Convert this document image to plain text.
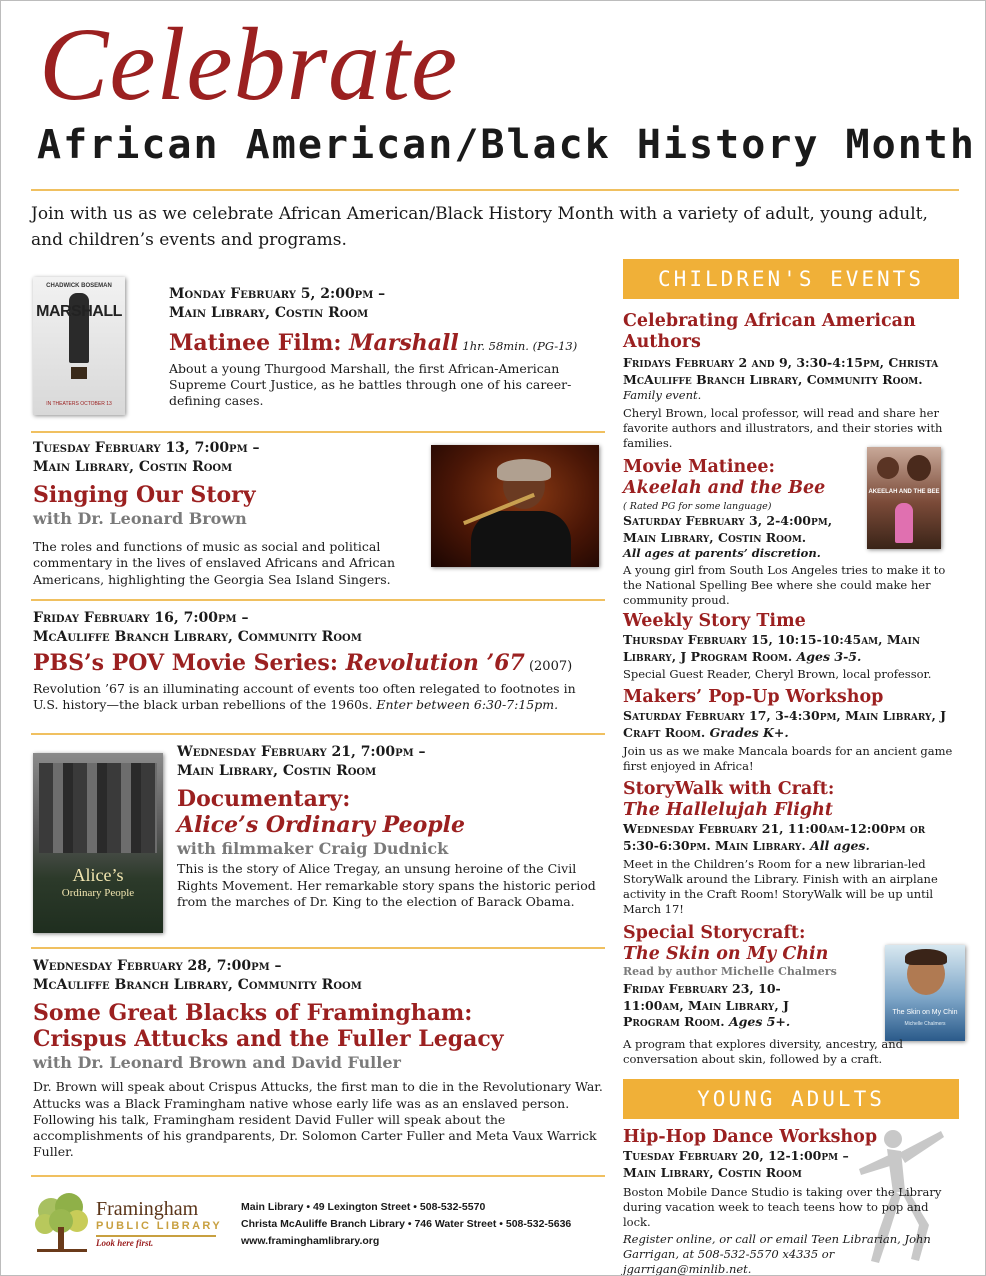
Celebrate
African American/Black History Month
Join with us as we celebrate African American/Black History Month with a variety of adult, young adult, and children’s events and programs.
CHADWICK BOSEMAN
MARSHALL
IN THEATERS OCTOBER 13
Monday February 5, 2:00pm –
Main Library, Costin Room
Matinee Film: Marshall 1hr. 58min. (PG-13)
About a young Thurgood Marshall, the first African-American Supreme Court Justice, as he battles through one of his career-defining cases.
Tuesday February 13, 7:00pm –
Main Library, Costin Room
Singing Our Story
with Dr. Leonard Brown
The roles and functions of music as social and political commentary in the lives of enslaved Africans and African Americans, highlighting the Georgia Sea Island Singers.
Friday February 16, 7:00pm –
McAuliffe Branch Library, Community Room
PBS’s POV Movie Series: Revolution ’67 (2007)
Revolution ’67 is an illuminating account of events too often relegated to footnotes in U.S. history—the black urban rebellions of the 1960s. Enter between 6:30-7:15pm.
Alice’s
Ordinary People
Wednesday February 21, 7:00pm –
Main Library, Costin Room
Documentary:
Alice’s Ordinary People
with filmmaker Craig Dudnick
This is the story of Alice Tregay, an unsung heroine of the Civil Rights Movement. Her remarkable story spans the historic period from the marches of Dr. King to the election of Barack Obama.
Wednesday February 28, 7:00pm –
McAuliffe Branch Library, Community Room
Some Great Blacks of Framingham:
Crispus Attucks and the Fuller Legacy
with Dr. Leonard Brown and David Fuller
Dr. Brown will speak about Crispus Attucks, the first man to die in the Revolutionary War. Attucks was a Black Framingham native whose early life was as an enslaved person. Following his talk, Framingham resident David Fuller will speak about the accomplishments of his grandparents, Dr. Solomon Carter Fuller and Meta Vaux Warrick Fuller.
Framingham
PUBLIC LIBRARY
Look here first.
Main Library • 49 Lexington Street • 508-532-5570
Christa McAuliffe Branch Library • 746 Water Street • 508-532-5636
www.framinghamlibrary.org
CHILDREN'S EVENTS
Celebrating African American Authors
Fridays February 2 and 9, 3:30-4:15pm, Christa McAuliffe Branch Library, Community Room.
Family event.
Cheryl Brown, local professor, will read and share her favorite authors and illustrators, and their stories with families.
AKEELAH AND THE BEE
Movie Matinee:
Akeelah and the Bee
( Rated PG for some language)
Saturday February 3, 2-4:00pm, Main Library, Costin Room.
All ages at parents’ discretion.
A young girl from South Los Angeles tries to make it to the National Spelling Bee where she could make her community proud.
Weekly Story Time
Thursday February 15, 10:15-10:45am, Main Library, J Program Room. Ages 3-5.
Special Guest Reader, Cheryl Brown, local professor.
Makers’ Pop-Up Workshop
Saturday February 17, 3-4:30pm, Main Library, J Craft Room. Grades K+.
Join us as we make Mancala boards for an ancient game first enjoyed in Africa!
StoryWalk with Craft:
The Hallelujah Flight
Wednesday February 21, 11:00am-12:00pm or 5:30-6:30pm. Main Library. All ages.
Meet in the Children’s Room for a new librarian-led StoryWalk around the Library. Finish with an airplane activity in the Craft Room! StoryWalk will be up until March 17!
The Skin on My Chin
Michelle Chalmers
Special Storycraft:
The Skin on My Chin
Read by author Michelle Chalmers
Friday February 23, 10-11:00am, Main Library, J Program Room. Ages 5+.
A program that explores diversity, ancestry, and conversation about skin, followed by a craft.
YOUNG ADULTS
Hip-Hop Dance Workshop
Tuesday February 20, 12-1:00pm –
Main Library, Costin Room
Boston Mobile Dance Studio is taking over the Library during vacation week to teach teens how to pop and lock.
Register online, or call or email Teen Librarian, John Garrigan, at 508-532-5570 x4335 or jgarrigan@minlib.net.
